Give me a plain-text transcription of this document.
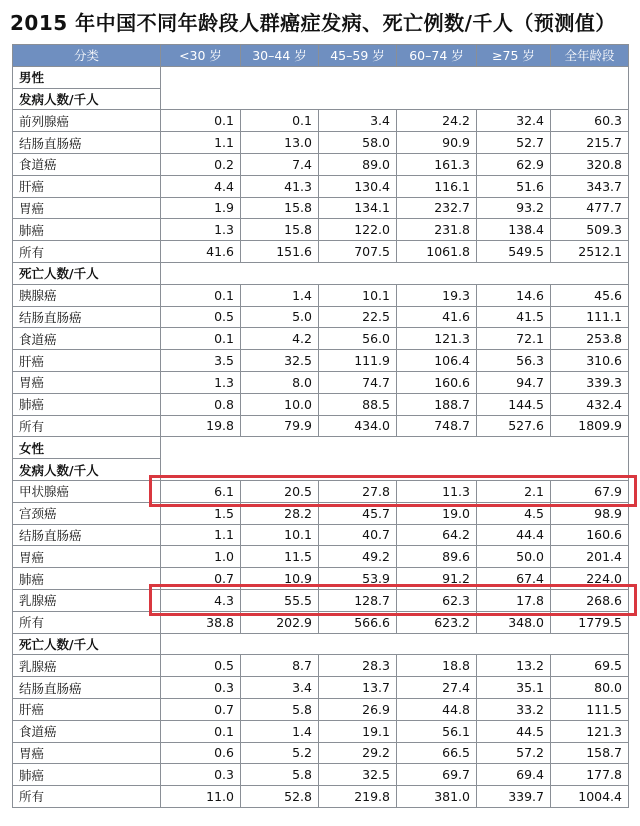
2015 年中国不同年龄段人群癌症发病、死亡例数/千人（预测值）
分类	<30 岁	30–44 岁	45–59 岁	60–74 岁	≥75 岁	全年龄段
男性						
发病人数/千人						
前列腺癌	0.1	0.1	3.4	24.2	32.4	60.3
结肠直肠癌	1.1	13.0	58.0	90.9	52.7	215.7
食道癌	0.2	7.4	89.0	161.3	62.9	320.8
肝癌	4.4	41.3	130.4	116.1	51.6	343.7
胃癌	1.9	15.8	134.1	232.7	93.2	477.7
肺癌	1.3	15.8	122.0	231.8	138.4	509.3
所有	41.6	151.6	707.5	1061.8	549.5	2512.1
死亡人数/千人						
胰腺癌	0.1	1.4	10.1	19.3	14.6	45.6
结肠直肠癌	0.5	5.0	22.5	41.6	41.5	111.1
食道癌	0.1	4.2	56.0	121.3	72.1	253.8
肝癌	3.5	32.5	111.9	106.4	56.3	310.6
胃癌	1.3	8.0	74.7	160.6	94.7	339.3
肺癌	0.8	10.0	88.5	188.7	144.5	432.4
所有	19.8	79.9	434.0	748.7	527.6	1809.9
女性						
发病人数/千人						
甲状腺癌	6.1	20.5	27.8	11.3	2.1	67.9
宫颈癌	1.5	28.2	45.7	19.0	4.5	98.9
结肠直肠癌	1.1	10.1	40.7	64.2	44.4	160.6
胃癌	1.0	11.5	49.2	89.6	50.0	201.4
肺癌	0.7	10.9	53.9	91.2	67.4	224.0
乳腺癌	4.3	55.5	128.7	62.3	17.8	268.6
所有	38.8	202.9	566.6	623.2	348.0	1779.5
死亡人数/千人						
乳腺癌	0.5	8.7	28.3	18.8	13.2	69.5
结肠直肠癌	0.3	3.4	13.7	27.4	35.1	80.0
肝癌	0.7	5.8	26.9	44.8	33.2	111.5
食道癌	0.1	1.4	19.1	56.1	44.5	121.3
胃癌	0.6	5.2	29.2	66.5	57.2	158.7
肺癌	0.3	5.8	32.5	69.7	69.4	177.8
所有	11.0	52.8	219.8	381.0	339.7	1004.4
